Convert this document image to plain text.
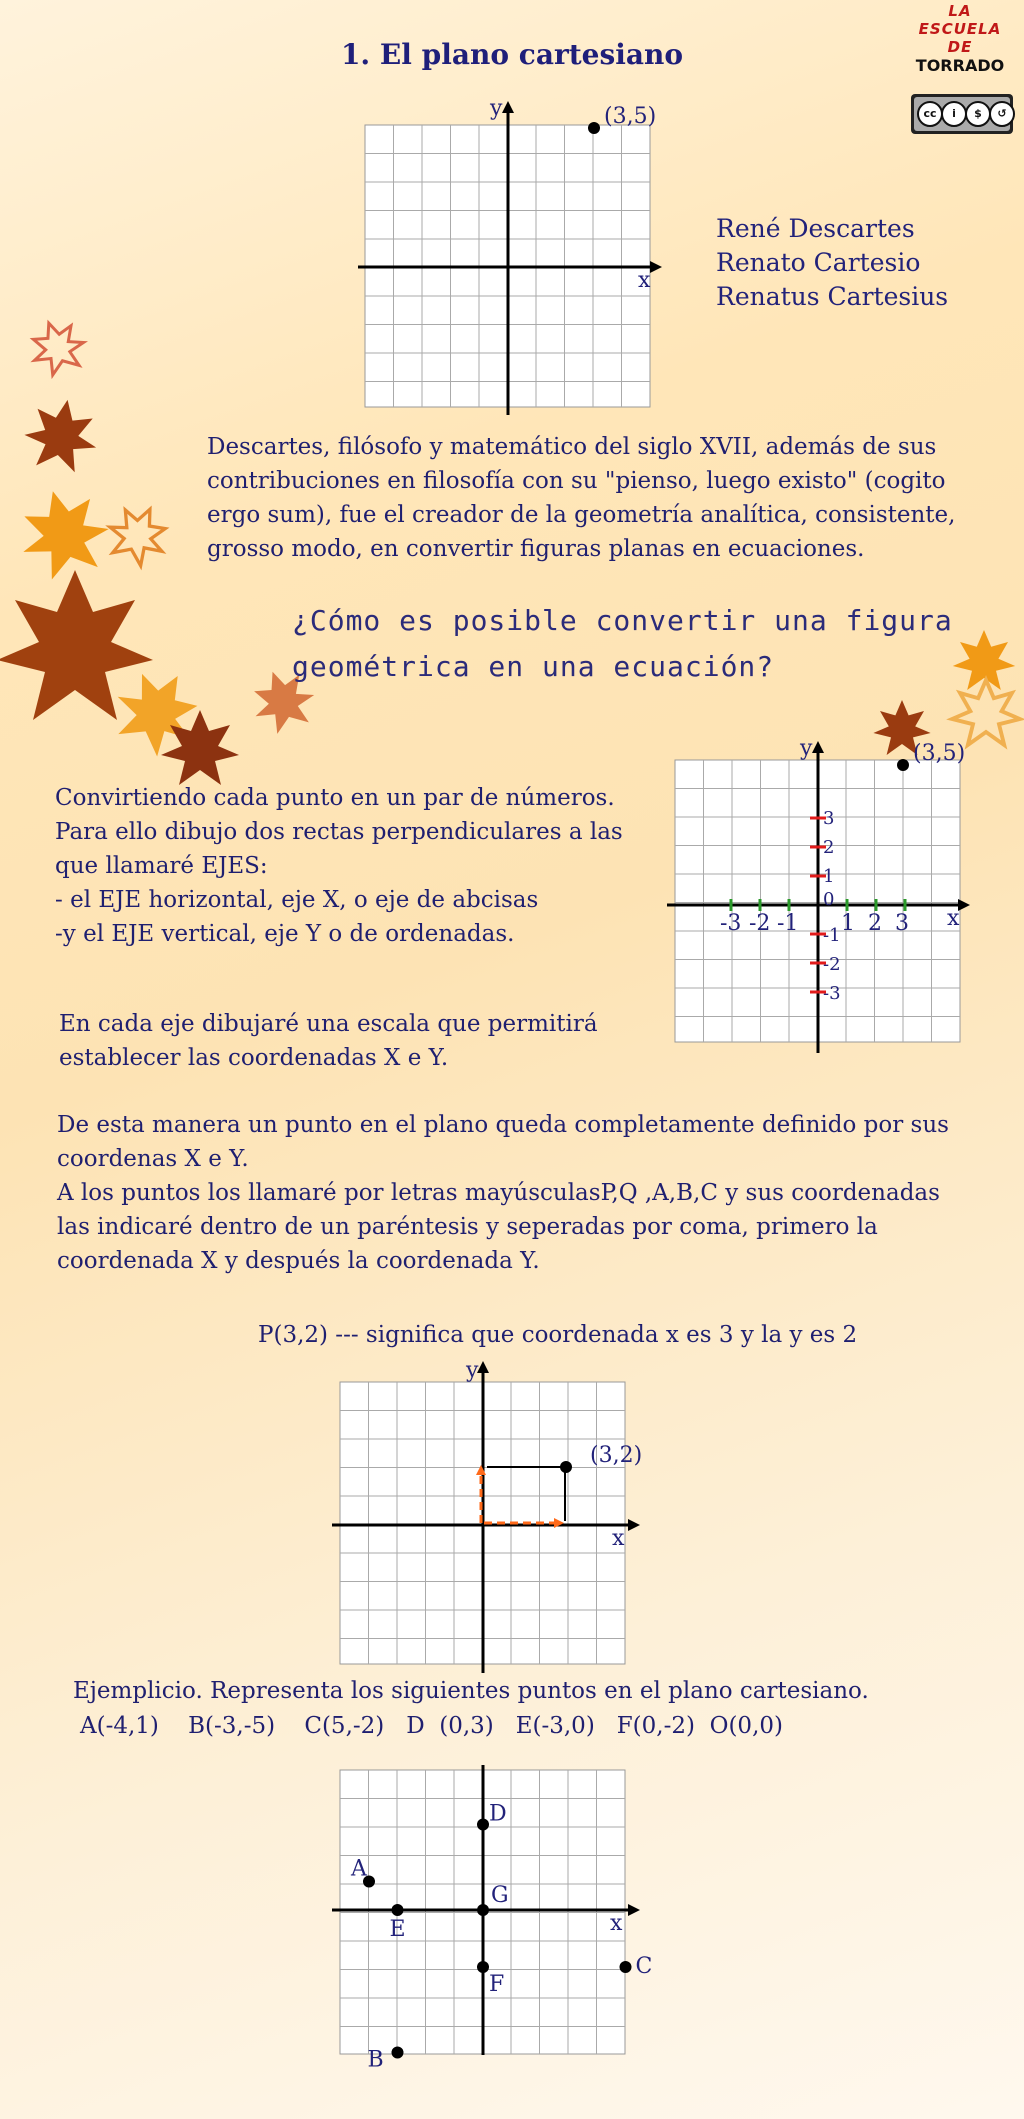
LA ESCUELA
DE
TORRADO
cc	i	$	↺
1. El plano cartesiano
y
x
(3,5)
René Descartes
Renato Cartesio
Renatus Cartesius
Descartes, filósofo y matemático del siglo XVII, además de sus
contribuciones en filosofía con su "pienso, luego existo" (cogito
ergo sum), fue el creador de la geometría analítica, consistente,
grosso modo, en convertir figuras planas en ecuaciones.
¿Cómo es posible convertir una figura
geométrica en una ecuación?
Convirtiendo cada punto en un par de números.
Para ello dibujo dos rectas perpendiculares a las
que llamaré EJES:
- el EJE horizontal, eje X, o eje de abcisas
-y el EJE vertical, eje Y o de ordenadas.
y
x
0
(3,5)
-3 -2 -1 1 2 3
3
2
1
-1
-2
-3
En cada eje dibujaré una escala que permitirá
establecer las coordenadas X e Y.
De esta manera un punto en el plano queda completamente definido por sus
coordenas X e Y.
A los puntos los llamaré por letras mayúsculasP,Q ,A,B,C y sus coordenadas
las indicaré dentro de un paréntesis y seperadas por coma, primero la
coordenada X y después la coordenada Y.
P(3,2) --- significa que coordenada x es 3 y la y es 2
y
x
(3,2)
Ejemplicio. Representa los siguientes puntos en el plano cartesiano.
A(-4,1)    B(-3,-5)    C(5,-2)   D  (0,3)   E(-3,0)   F(0,-2)  O(0,0)
x
A
B
C
D
E
F
G
